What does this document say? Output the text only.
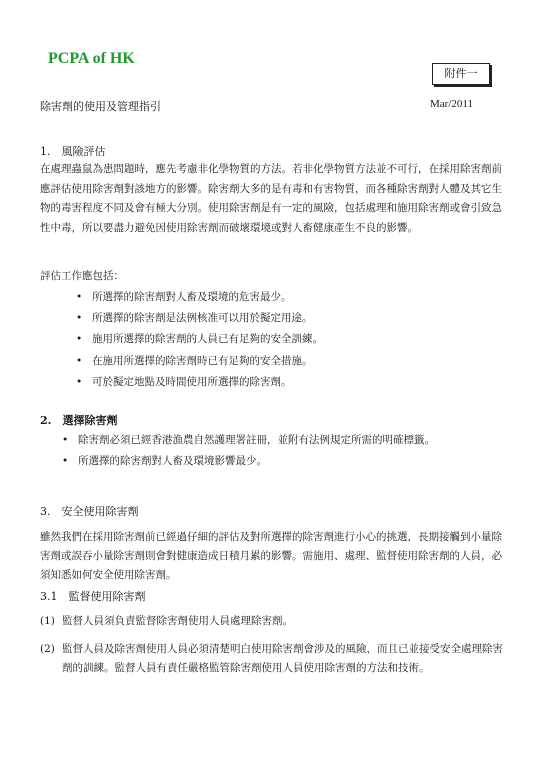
PCPA of HK
附件一
除害劑的使用及管理指引	Mar/2011
1.　風險評估
在處理蟲鼠為患問題時，應先考慮非化學物質的方法。若非化學物質方法並不可行，在採用除害劑前應評估使用除害劑對該地方的影響。除害劑大多的是有毒和有害物質，而各種除害劑對人體及其它生物的毒害程度不同及會有極大分別。使用除害劑是有一定的風險，包括處理和施用除害劑或會引致急性中毒，所以要盡力避免因使用除害劑而破壞環境或對人畜健康產生不良的影響。
評估工作應包括：
• 所選擇的除害劑對人畜及環境的危害最少。
• 所選擇的除害劑是法例核准可以用於擬定用途。
• 施用所選擇的除害劑的人員已有足夠的安全訓練。
• 在施用所選擇的除害劑時已有足夠的安全措施。
• 可於擬定地點及時間使用所選擇的除害劑。
2.　選擇除害劑
• 除害劑必須已經香港漁農自然護理署註冊，並附有法例規定所需的明確標籤。
• 所選擇的除害劑對人畜及環境影響最少。
3.　安全使用除害劑
雖然我們在採用除害劑前已經過仔細的評估及對所選擇的除害劑進行小心的挑選，長期接觸到小量除害劑或誤吞小量除害劑則會對健康造成日積月累的影響。需施用、處理、監督使用除害劑的人員，必須知悉如何安全使用除害劑。
3.1　監督使用除害劑
(1) 監督人員須負責監督除害劑使用人員處理除害劑。
(2) 監督人員及除害劑使用人員必須清楚明白使用除害劑會涉及的風險，而且已並接受安全處理除害劑的訓練。監督人員有責任嚴格監管除害劑使用人員使用除害劑的方法和技術。
